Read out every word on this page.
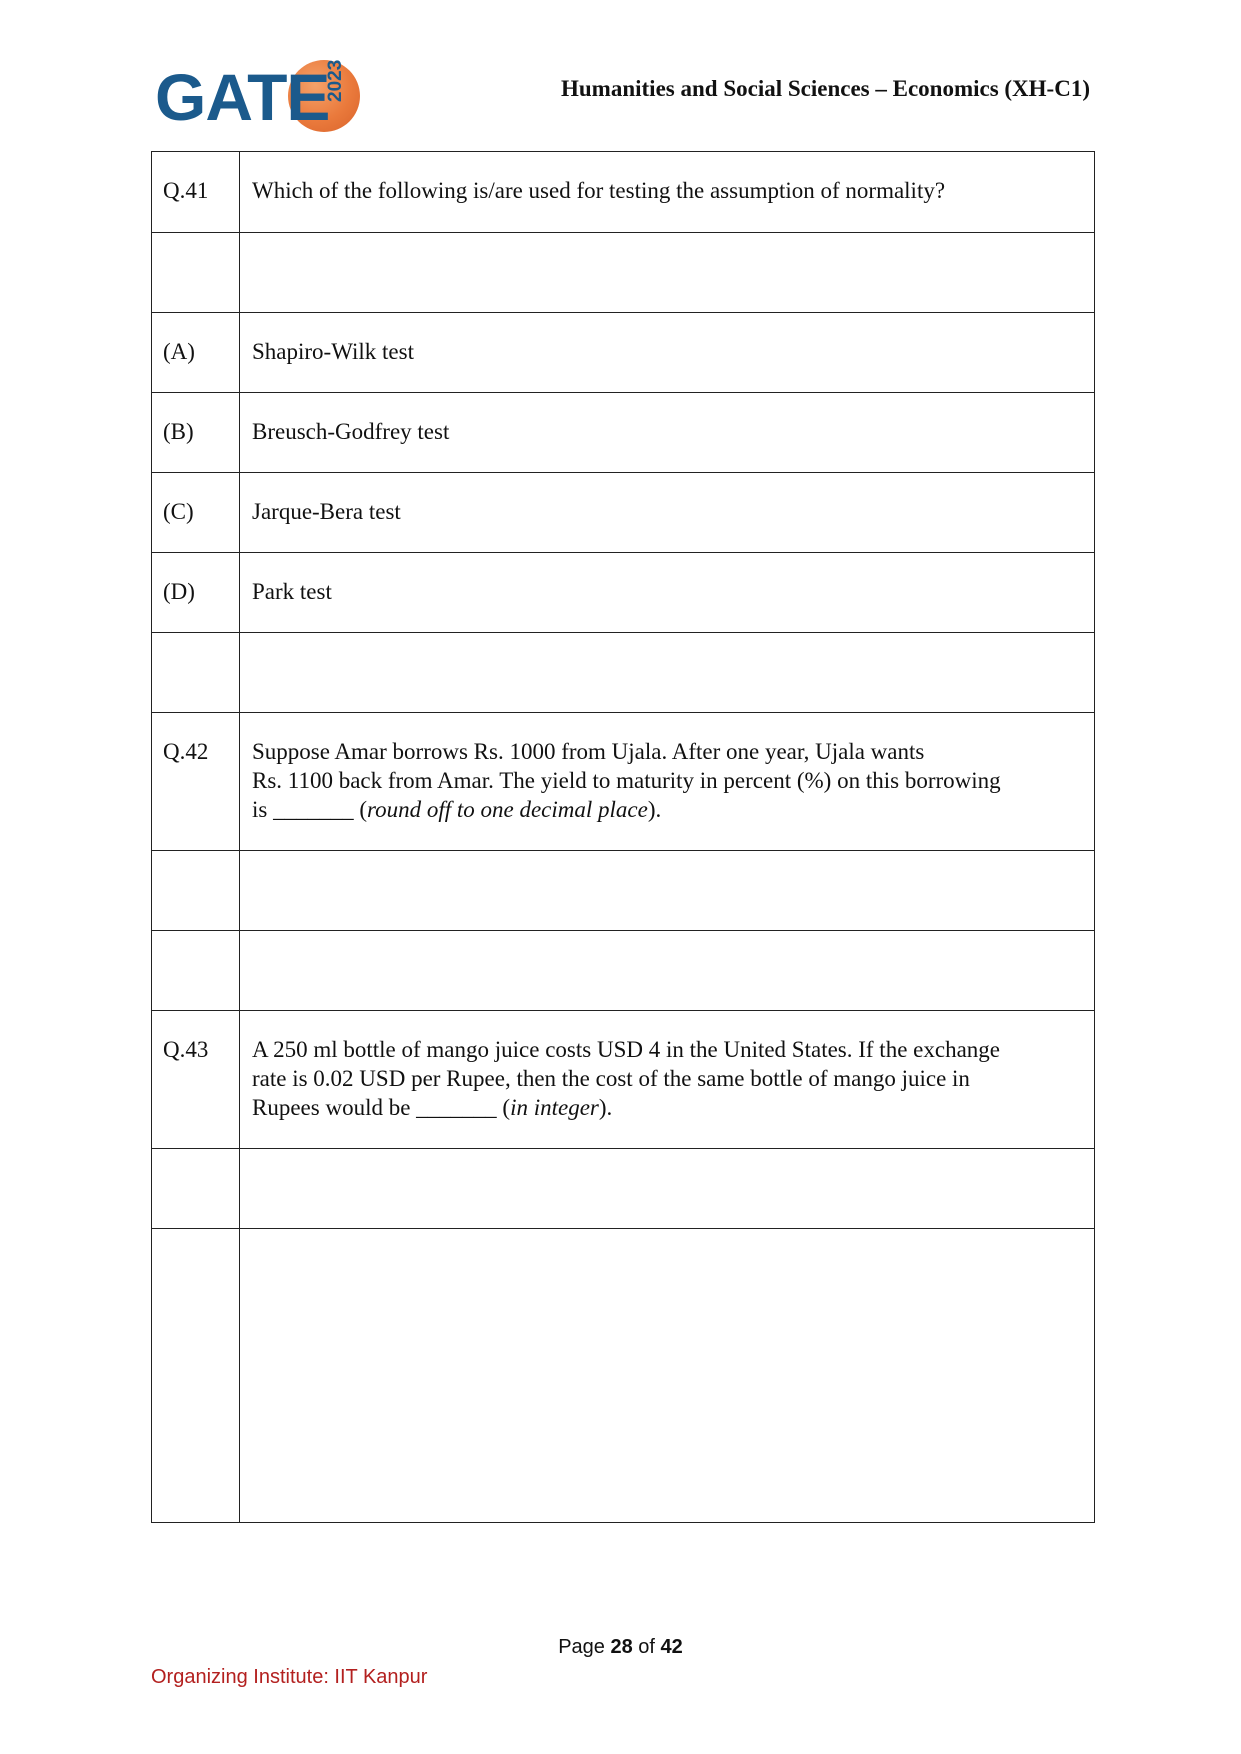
GATE
2023	Humanities and Social Sciences – Economics (XH-C1)
Q.41	Which of the following is/are used for testing the assumption of normality?
(A)	Shapiro-Wilk test
(B)	Breusch-Godfrey test
(C)	Jarque-Bera test
(D)	Park test
Q.42	Suppose Amar borrows Rs. 1000 from Ujala. After one year, Ujala wants
Rs. 1100 back from Amar. The yield to maturity in percent (%) on this borrowing
is _______ (round off to one decimal place).
Q.43	A 250 ml bottle of mango juice costs USD 4 in the United States. If the exchange
rate is 0.02 USD per Rupee, then the cost of the same bottle of mango juice in
Rupees would be _______ (in integer).
Page 28 of 42
Organizing Institute: IIT Kanpur
